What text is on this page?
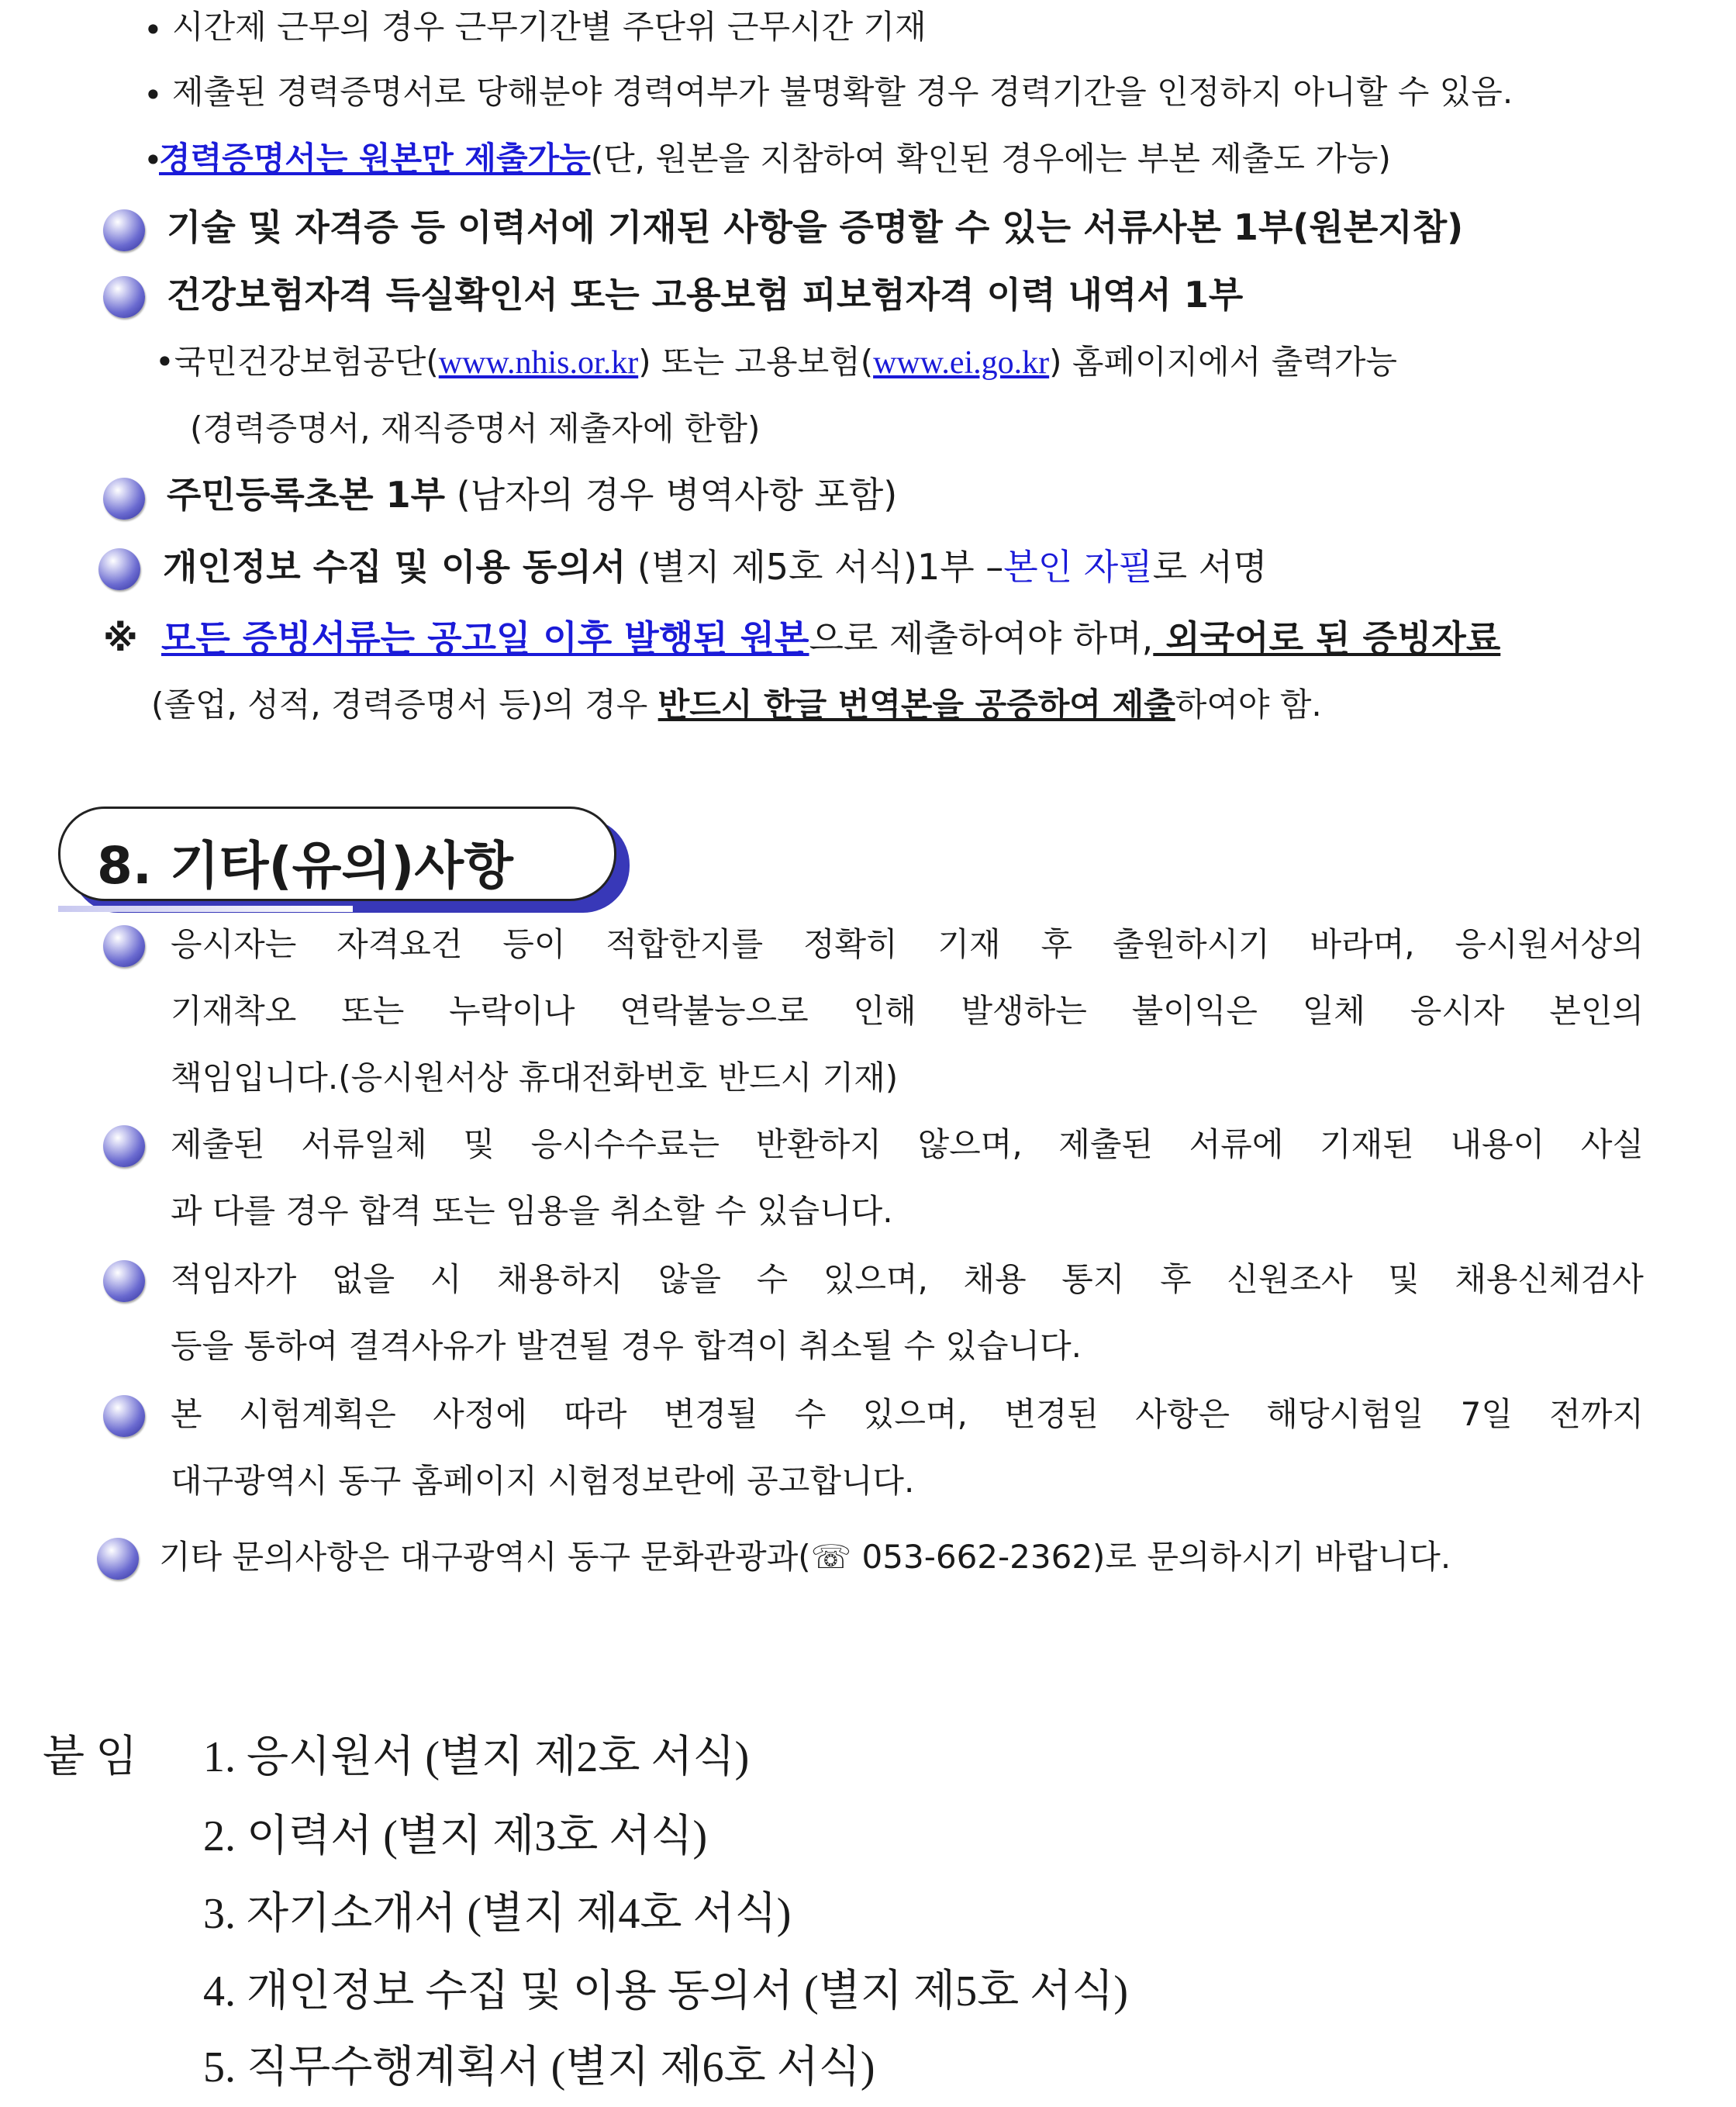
• 시간제 근무의 경우 근무기간별 주단위 근무시간 기재
• 제출된 경력증명서로 당해분야 경력여부가 불명확할 경우 경력기간을 인정하지 아니할 수 있음.
•
경력증명서는 원본만 제출가능(단, 원본을 지참하여 확인된 경우에는 부본 제출도 가능)
기술 및 자격증 등 이력서에 기재된 사항을 증명할 수 있는 서류사본 1부(원본지참)
건강보험자격 득실확인서 또는 고용보험 피보험자격 이력 내역서 1부
•국민건강보험공단(www.nhis.or.kr) 또는 고용보험(www.ei.go.kr) 홈페이지에서 출력가능
(경력증명서, 재직증명서 제출자에 한함)
주민등록초본 1부 (남자의 경우 병역사항 포함)
개인정보 수집 및 이용 동의서 (별지 제5호 서식)1부 –본인 자필로 서명
※ 모든 증빙서류는 공고일 이후 발행된 원본으로 제출하여야 하며, 외국어로 된 증빙자료
(졸업, 성적, 경력증명서 등)의 경우 반드시 한글 번역본을 공증하여 제출하여야 함.
8. 기타(유의)사항
응시자는 자격요건 등이 적합한지를 정확히 기재 후 출원하시기 바라며, 응시원서상의
기재착오 또는 누락이나 연락불능으로 인해 발생하는 불이익은 일체 응시자 본인의
책임입니다.(응시원서상 휴대전화번호 반드시 기재)
제출된 서류일체 및 응시수수료는 반환하지 않으며, 제출된 서류에 기재된 내용이 사실
과 다를 경우 합격 또는 임용을 취소할 수 있습니다.
적임자가 없을 시 채용하지 않을 수 있으며, 채용 통지 후 신원조사 및 채용신체검사
등을 통하여 결격사유가 발견될 경우 합격이 취소될 수 있습니다.
본 시험계획은 사정에 따라 변경될 수 있으며, 변경된 사항은 해당시험일 7일 전까지
대구광역시 동구 홈페이지 시험정보란에 공고합니다.
기타 문의사항은 대구광역시 동구 문화관광과(☏ 053-662-2362)로 문의하시기 바랍니다.
붙 임 1. 응시원서 (별지 제2호 서식)
2. 이력서 (별지 제3호 서식)
3. 자기소개서 (별지 제4호 서식)
4. 개인정보 수집 및 이용 동의서 (별지 제5호 서식)
5. 직무수행계획서 (별지 제6호 서식)
